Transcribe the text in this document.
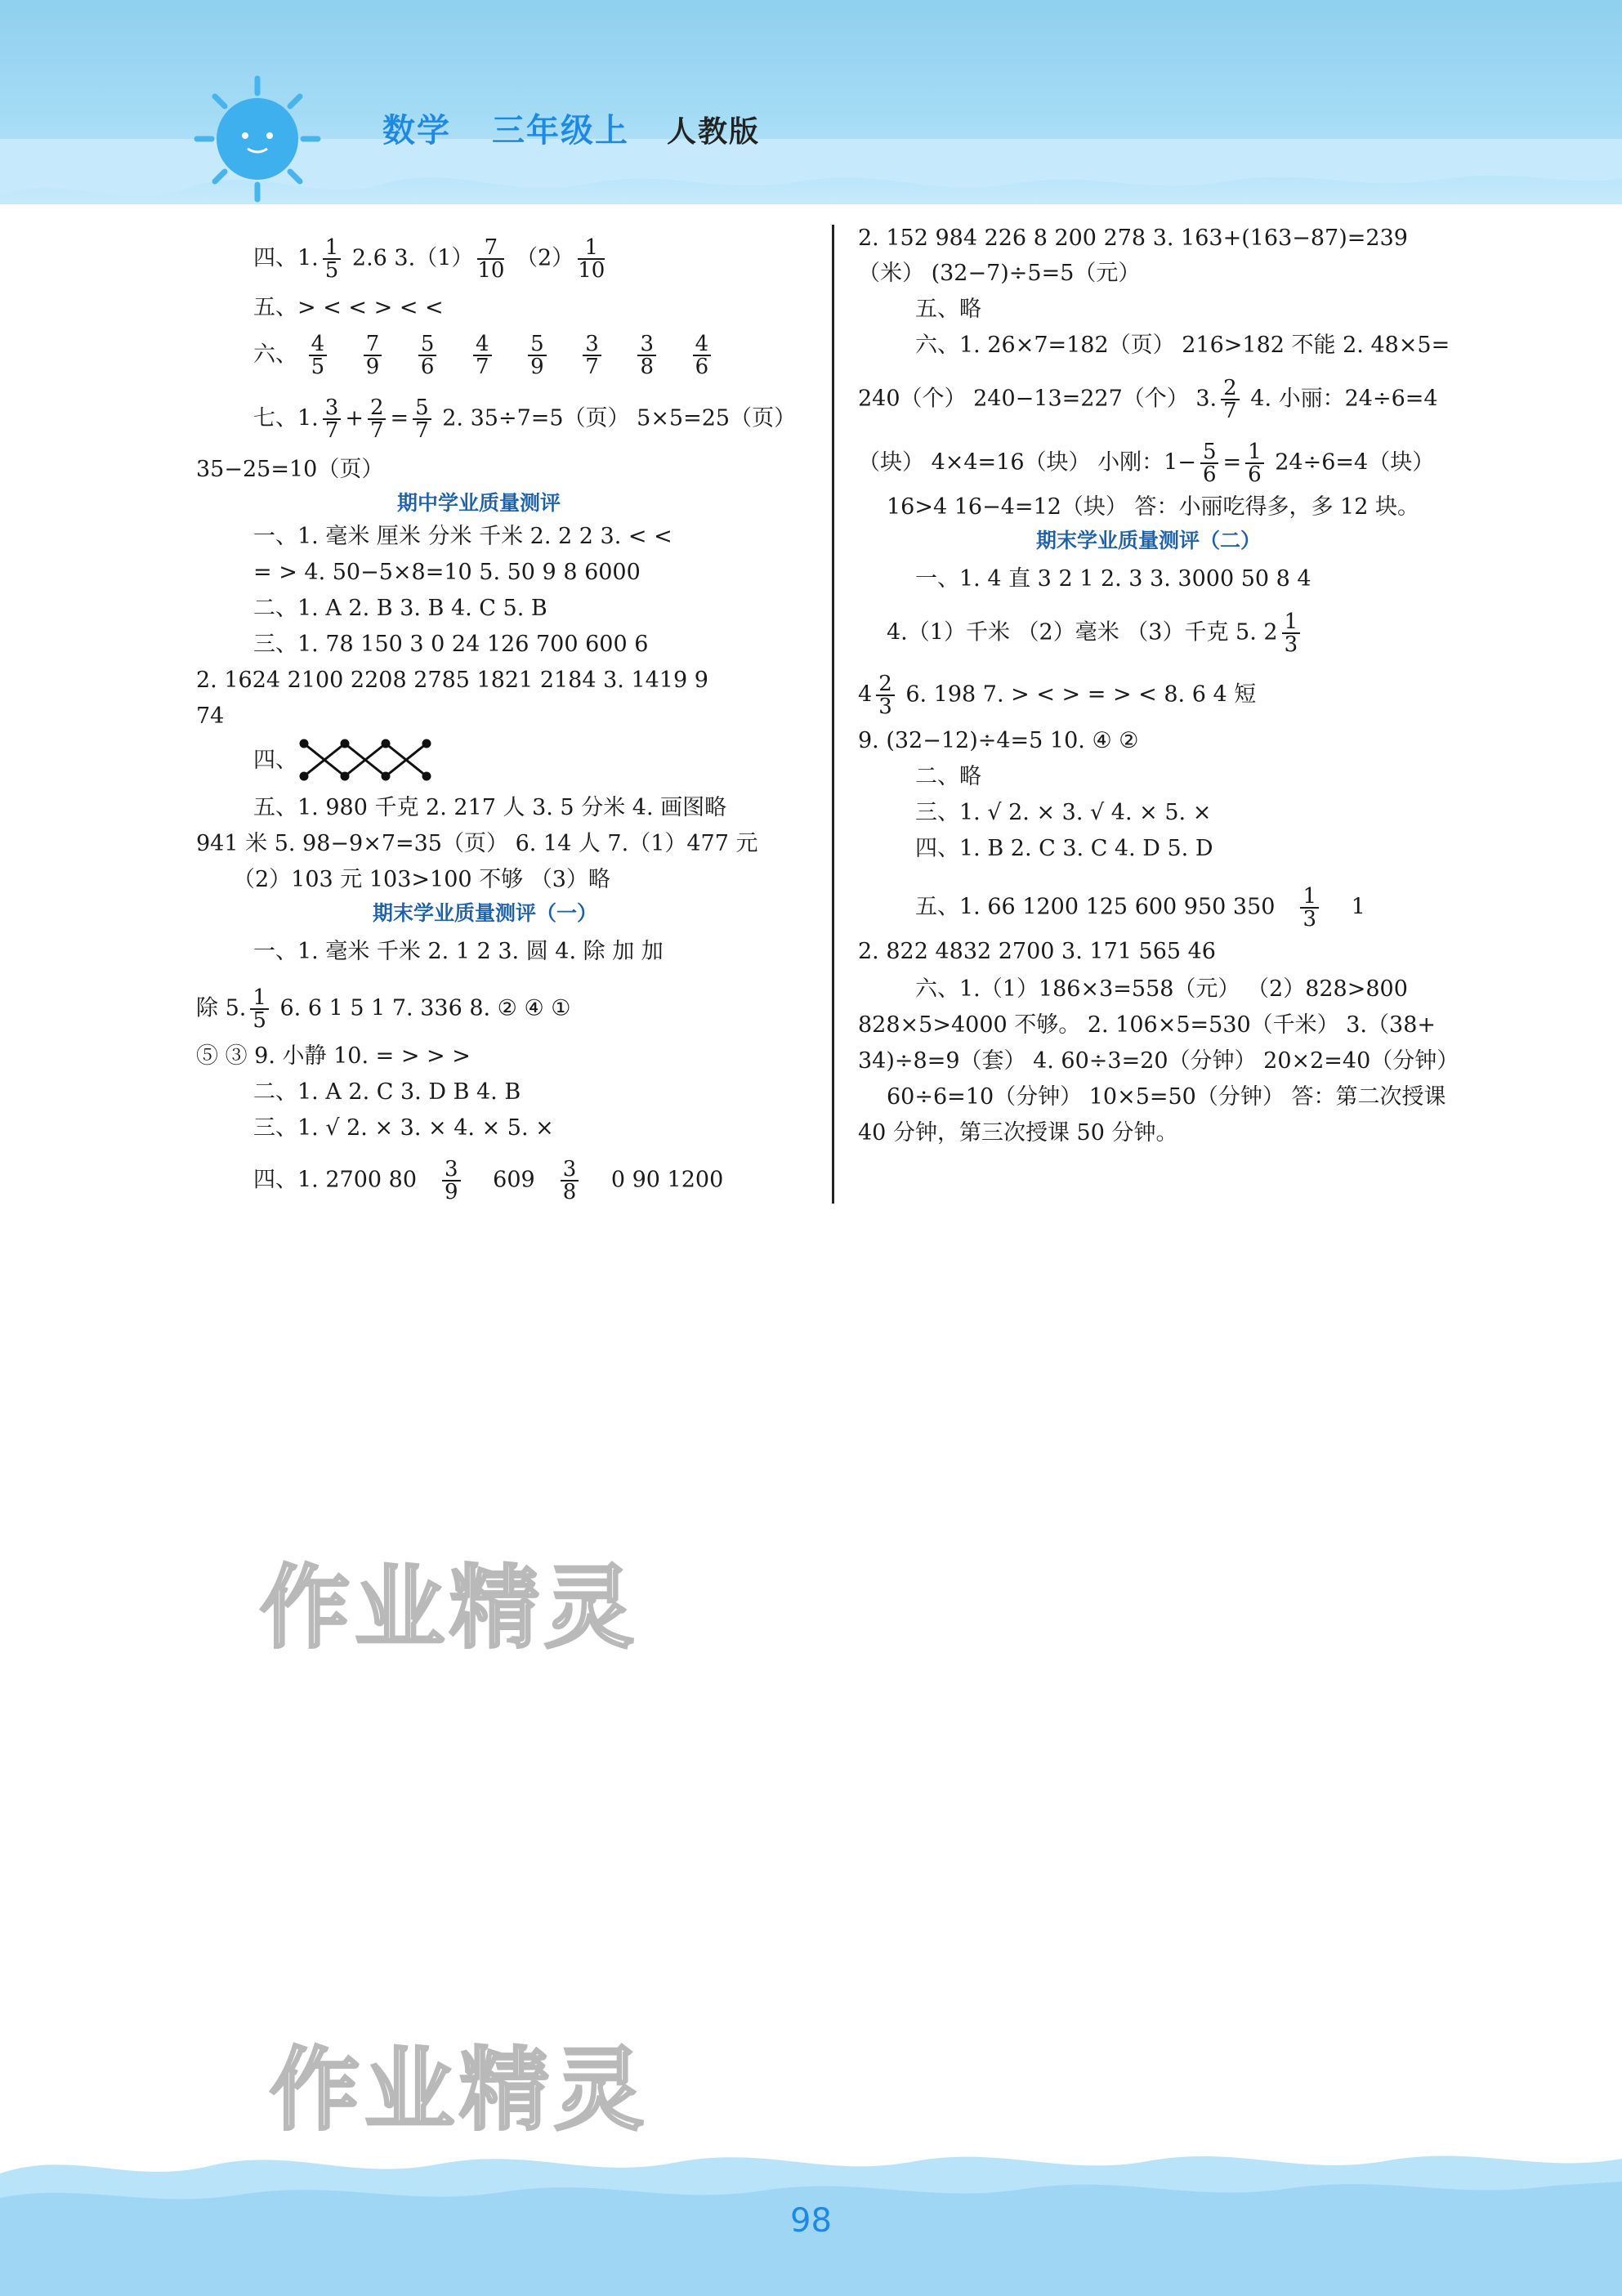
数学 三年级上 人教版
四、1. $\frac{1}{5} 2.6$ $3.(1) \frac{7}{10} (2) \frac{1}{10}$
五、> < < > < <
六、 $\frac{4}{5}$
$\frac{7}{9}$
$\frac{5}{6}$
$\frac{4}{7}$
$\frac{5}{9}$
$\frac{3}{7}$
$\frac{3}{8}$
$\frac{4}{6}$
七、1. $\frac{3}{7} + \frac{2}{7} = \frac{5}{7} 2$. 35÷7=5（页） 5×5=25（页）
35−25=10（页）
期中学业质量测评
一、1. 毫米 厘米 分米 千米 2. 2 2 3. < <
= > 4. 50−5×8=10 5. 50 9 8 6000
二、1. A 2. B 3. B 4. C 5. B
三、1. 78 150 3 0 24 126 700 600 6
2. 1624 2100 2208 2785 1821 2184 3. 1419 9
74
四、
五、1. 980 千克 2. 217 人 3. 5 分米 4. 画图略
941 米 5. 98−9×7=35（页） 6. 14 人 7.（1）477 元
（2）103 元 103>100 不够 （3）略
期末学业质量测评（一）
一、1. 毫米 千米 2. 1 2 3. 圆 4. 除 加 加
除 5. $\frac{1}{5} 6$. 6 1 5 1 7. 336 8. ② ④ ①
⑤ ③ 9. 小静 10. = > > >
二、1. A 2. C 3. D B 4. B
三、1. √ 2. × 3. × 4. × 5. ×
四、1. 2700 $80 \frac{3}{9} 609 \frac{3}{8} 0$ 90 1200
2. 152 984 226 8 200 278 3. 163+(163−87)=239
（米） (32−7)÷5=5（元）
五、略
六、1. 26×7=182（页） 216>182 不能 2. 48×5=
240（个） 240−13=227（个） 3. $\frac{2}{7} 4$. 小丽：24÷6=4
（块） 4×4=16（块） 小刚：$1- \frac{5}{6} = \frac{1}{6} 24\div 6=4$（块）
16>4 16−4=12（块） 答：小丽吃得多，多 12 块。
期末学业质量测评（二）
一、1. 4 直 3 2 1 2. 3 3. 3000 50 8 4
4.（1）千米 （2）毫米 （3）千克 5. $2 \frac{1}{3}$
$4 \frac{2}{3} 6$. 198 7. > < > = > < 8. 6 4 短
9. (32−12)÷4=5 10. ④ ②
二、略
三、1. √ 2. × 3. √ 4. × 5. ×
四、1. B 2. C 3. C 4. D 5. D
五、1. 66 1200 125 600 950 $350 \frac{1}{3} 1$
2. 822 4832 2700 3. 171 565 46
六、1.（1）186×3=558（元） （2）828>800
828×5>4000 不够。 2. 106×5=530（千米） 3.（38+
34)÷8=9（套） 4. 60÷3=20（分钟） 20×2=40（分钟）
60÷6=10（分钟） 10×5=50（分钟） 答：第二次授课
40 分钟，第三次授课 50 分钟。
作业精灵
作业精灵
98
